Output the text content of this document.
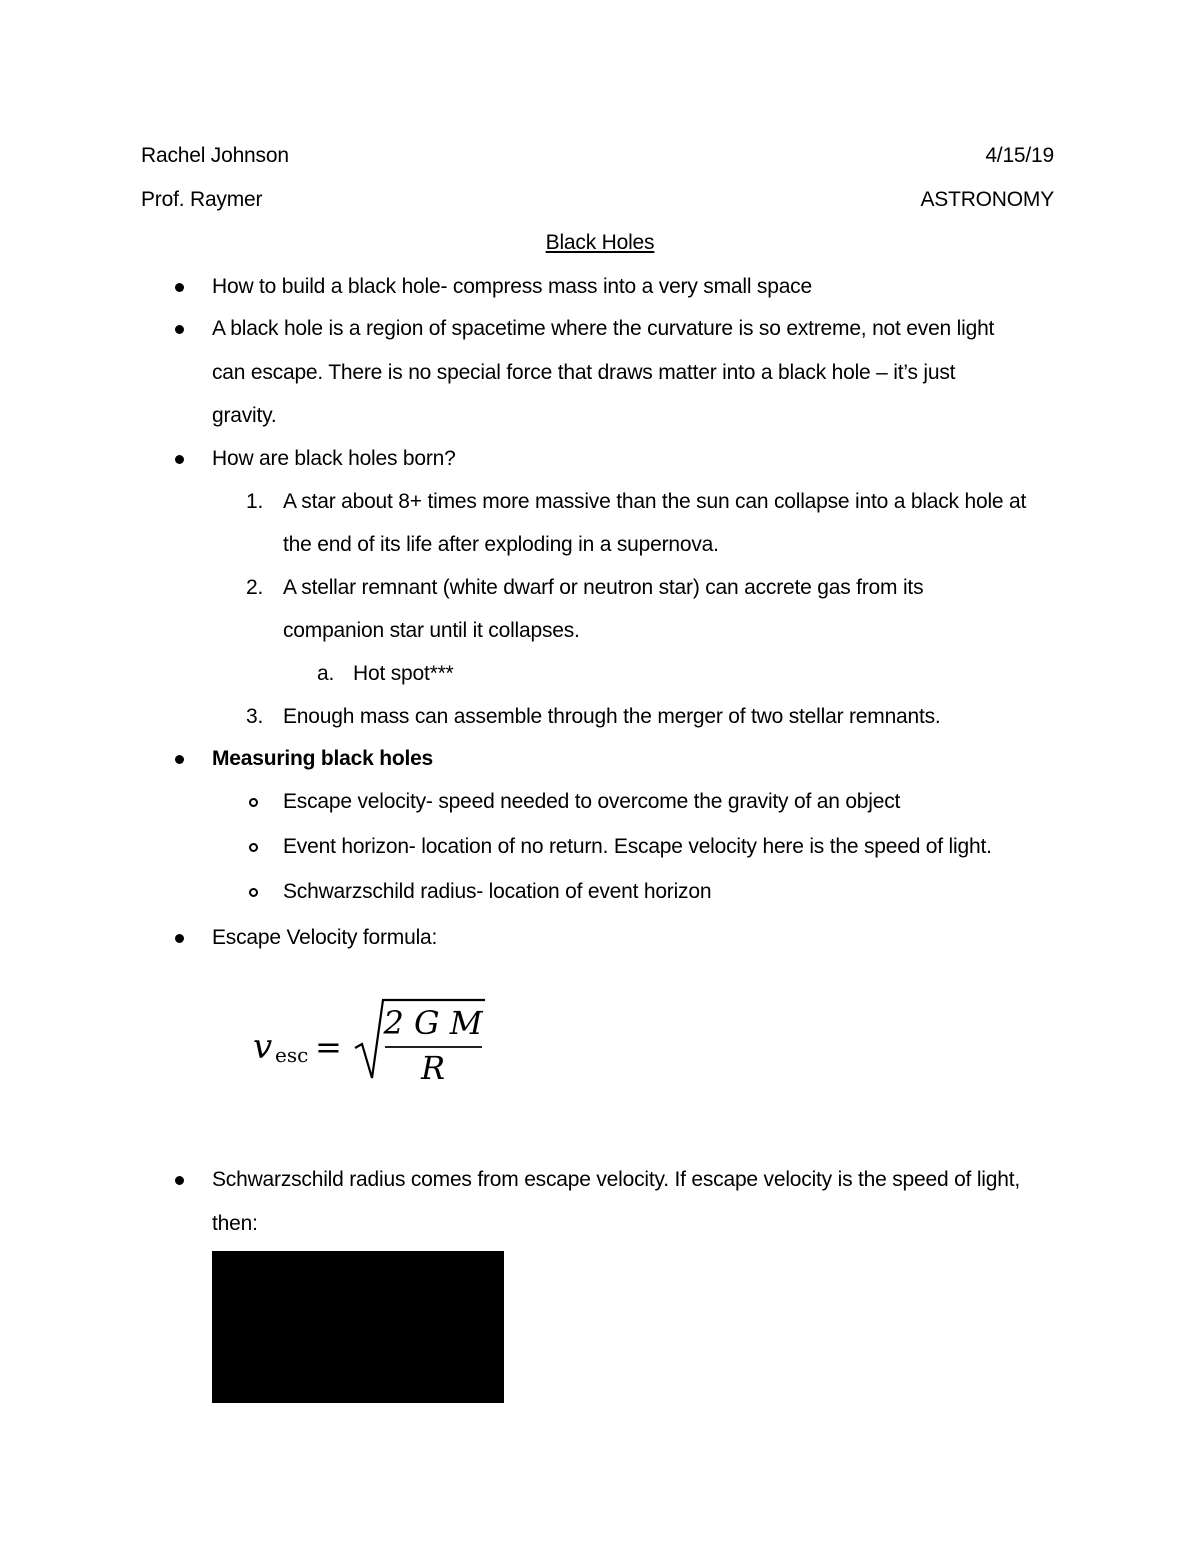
Rachel Johnson	4/15/19
Prof. Raymer	ASTRONOMY
Black Holes
How to build a black hole- compress mass into a very small space
A black hole is a region of spacetime where the curvature is so extreme, not even light
can escape. There is no special force that draws matter into a black hole – it’s just
gravity.
How are black holes born?
1. A star about 8+ times more massive than the sun can collapse into a black hole at
the end of its life after exploding in a supernova.
2. A stellar remnant (white dwarf or neutron star) can accrete gas from its
companion star until it collapses.
a. Hot spot***
3. Enough mass can assemble through the merger of two stellar remnants.
Measuring black holes
Escape velocity- speed needed to overcome the gravity of an object
Event horizon- location of no return. Escape velocity here is the speed of light.
Schwarzschild radius- location of event horizon
Escape Velocity formula:
v esc =
2 G M
R
Schwarzschild radius comes from escape velocity. If escape velocity is the speed of light,
then:
